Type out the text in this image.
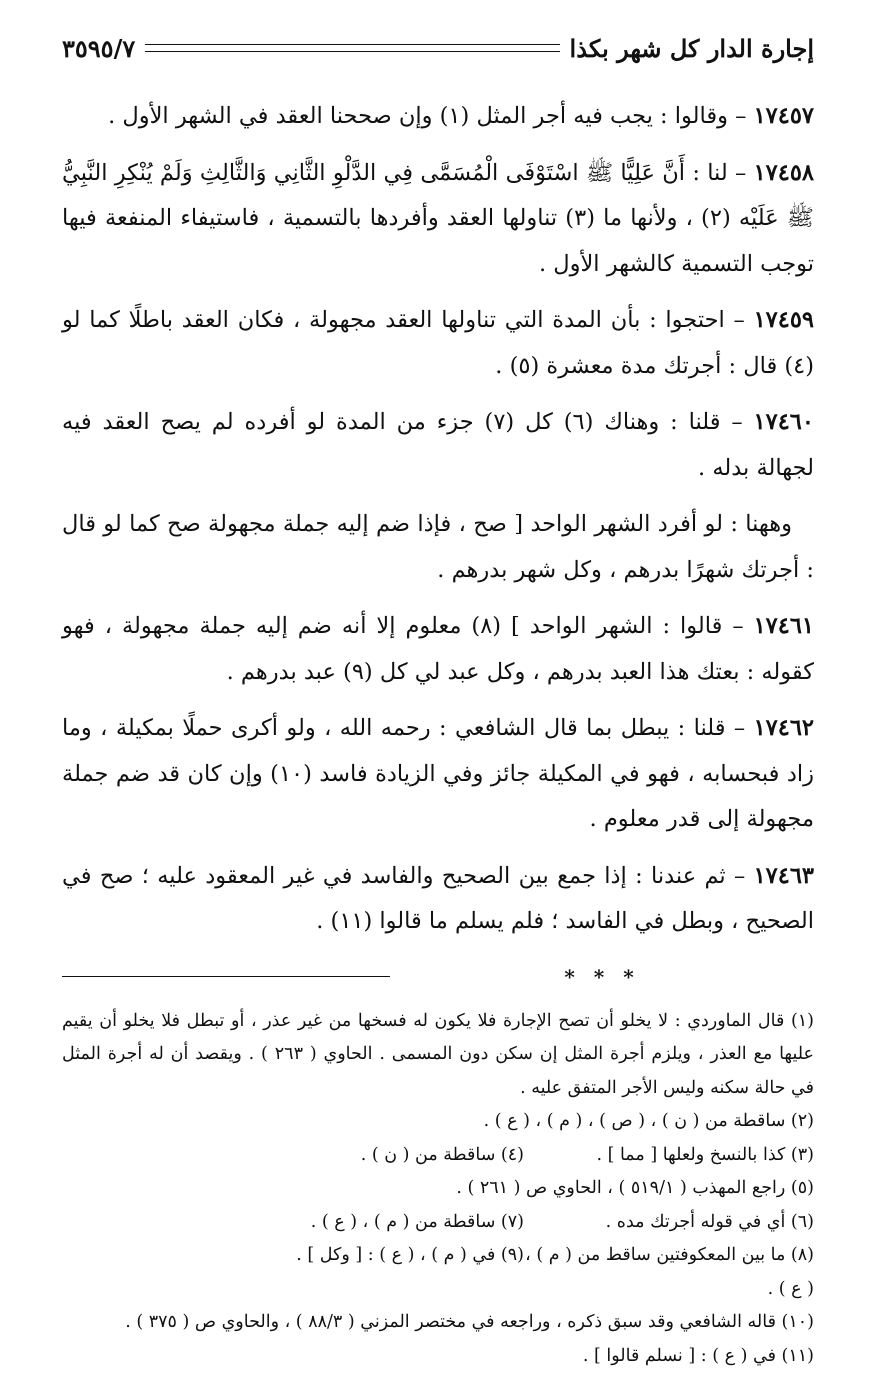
إجارة الدار كل شهر بكذا
٣٥٩٥/٧

١٧٤٥٧ – وقالوا : يجب فيه أجر المثل (١) وإن صححنا العقد في الشهر الأول .

١٧٤٥٨ – لنا : أَنَّ عَلِيًّا ﷺ اسْتَوْفَى الْمُسَمَّى فِي الدَّلْوِ الثَّانِي وَالثَّالِثِ وَلَمْ يُنْكِرِ النَّبِيُّ ﷺ عَلَيْه (٢) ، ولأنها ما (٣) تناولها العقد وأفردها بالتسمية ، فاستيفاء المنفعة فيها توجب التسمية كالشهر الأول .

١٧٤٥٩ – احتجوا : بأن المدة التي تناولها العقد مجهولة ، فكان العقد باطلًا كما لو (٤) قال : أجرتك مدة معشرة (٥) .

١٧٤٦٠ – قلنا : وهناك (٦) كل (٧) جزء من المدة لو أفرده لم يصح العقد فيه لجهالة بدله .

وههنا : لو أفرد الشهر الواحد [ صح ، فإذا ضم إليه جملة مجهولة صح كما لو قال : أجرتك شهرًا بدرهم ، وكل شهر بدرهم .

١٧٤٦١ – قالوا : الشهر الواحد ] (٨) معلوم إلا أنه ضم إليه جملة مجهولة ، فهو كقوله : بعتك هذا العبد بدرهم ، وكل عبد لي كل (٩) عبد بدرهم .

١٧٤٦٢ – قلنا : يبطل بما قال الشافعي : رحمه الله ، ولو أكرى حملًا بمكيلة ، وما زاد فبحسابه ، فهو في المكيلة جائز وفي الزيادة فاسد (١٠) وإن كان قد ضم جملة مجهولة إلى قدر معلوم .

١٧٤٦٣ – ثم عندنا : إذا جمع بين الصحيح والفاسد في غير المعقود عليه ؛ صح في الصحيح ، وبطل في الفاسد ؛ فلم يسلم ما قالوا (١١) .

* * *

(١) قال الماوردي : لا يخلو أن تصح الإجارة فلا يكون له فسخها من غير عذر ، أو تبطل فلا يخلو أن يقيم عليها مع العذر ، ويلزم أجرة المثل إن سكن دون المسمى . الحاوي ( ٢٦٣ ) . ويقصد أن له أجرة المثل في حالة سكنه وليس الأجر المتفق عليه .

(٢) ساقطة من ( ن ) ، ( ص ) ، ( م ) ، ( ع ) .

(٣) كذا بالنسخ ولعلها [ مما ] .
(٤) ساقطة من ( ن ) .

(٥) راجع المهذب ( ٥١٩/١ ) ، الحاوي ص ( ٢٦١ ) .

(٦) أي في قوله أجرتك مده .
(٧) ساقطة من ( م ) ، ( ع ) .
(٨) ما بين المعكوفتين ساقط من ( م ) ، ( ع ) .
(٩) في ( م ) ، ( ع ) : [ وكل ] .

(١٠) قاله الشافعي وقد سبق ذكره ، وراجعه في مختصر المزني ( ٨٨/٣ ) ، والحاوي ص ( ٣٧٥ ) .

(١١) في ( ع ) : [ نسلم قالوا ] .
